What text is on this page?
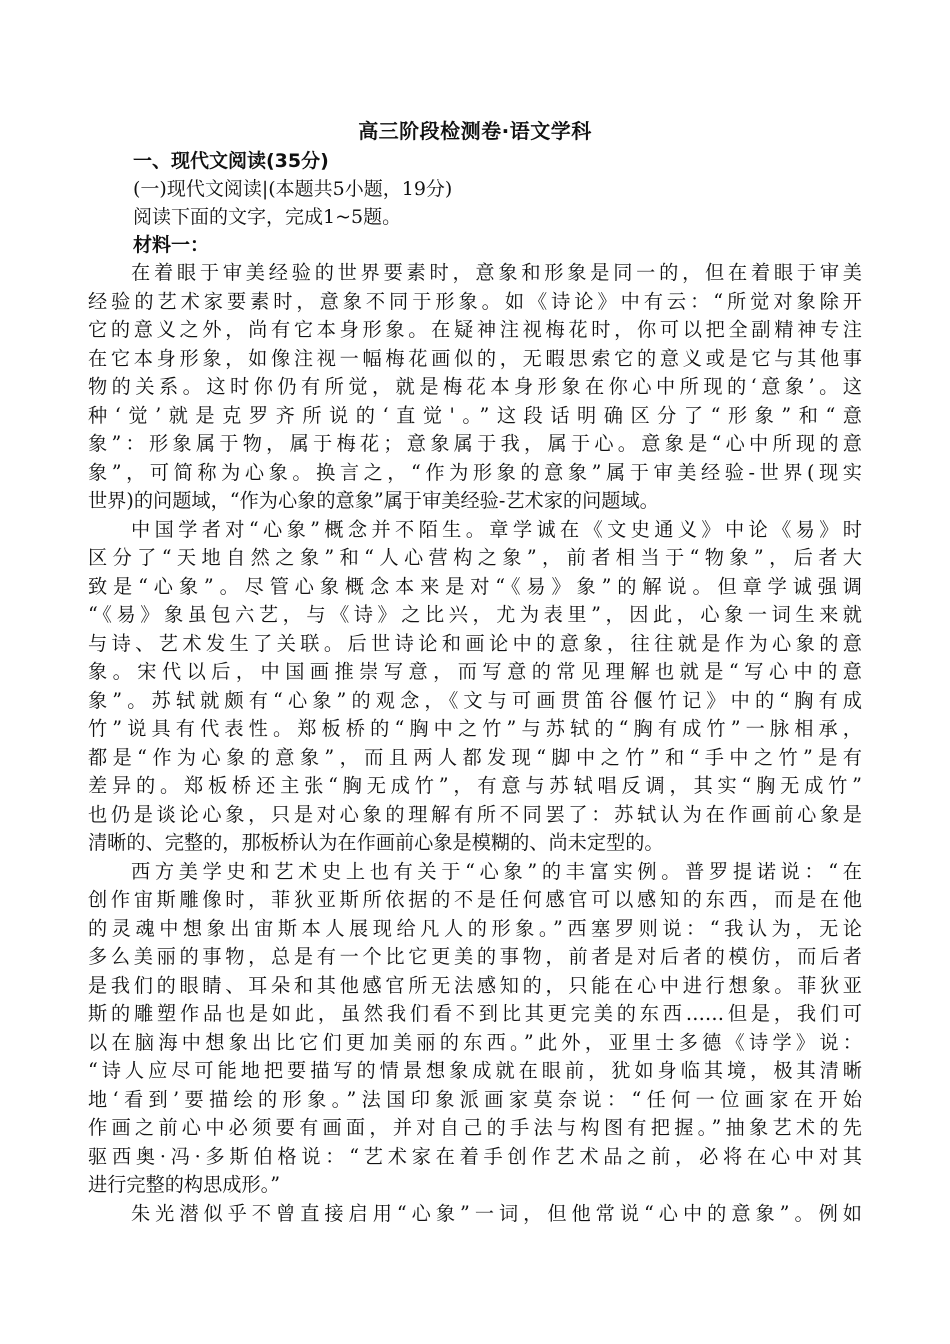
高三阶段检测卷·语文学科
一、现代文阅读(35分)
(一)现代文阅读|(本题共5小题，19分)
阅读下面的文字，完成1~5题。
材料一：
在着眼于审美经验的世界要素时，意象和形象是同一的，但在着眼于审美
经验的艺术家要素时，意象不同于形象。如《诗论》中有云：“所觉对象除开
它的意义之外，尚有它本身形象。在疑神注视梅花时，你可以把全副精神专注
在它本身形象，如像注视一幅梅花画似的，无暇思索它的意义或是它与其他事
物的关系。这时你仍有所觉，就是梅花本身形象在你心中所现的‘意象’。这
种‘觉’就是克罗齐所说的‘直觉'。”这段话明确区分了“形象”和“意
象”：形象属于物，属于梅花；意象属于我，属于心。意象是“心中所现的意
象”，可简称为心象。换言之，“作为形象的意象”属于审美经验-世界(现实
世界)的问题域，“作为心象的意象”属于审美经验-艺术家的问题域。
中国学者对“心象”概念并不陌生。章学诚在《文史通义》中论《易》时
区分了“天地自然之象”和“人心营构之象”，前者相当于“物象”，后者大
致是“心象”。尽管心象概念本来是对“《易》象”的解说。但章学诚强调
“《易》象虽包六艺，与《诗》之比兴，尤为表里”，因此，心象一词生来就
与诗、艺术发生了关联。后世诗论和画论中的意象，往往就是作为心象的意
象。宋代以后，中国画推崇写意，而写意的常见理解也就是“写心中的意
象”。苏轼就颇有“心象”的观念，《文与可画贯笛谷偃竹记》中的“胸有成
竹”说具有代表性。郑板桥的“胸中之竹”与苏轼的“胸有成竹”一脉相承，
都是“作为心象的意象”，而且两人都发现“脚中之竹”和“手中之竹”是有
差异的。郑板桥还主张“胸无成竹”，有意与苏轼唱反调，其实“胸无成竹”
也仍是谈论心象，只是对心象的理解有所不同罢了：苏轼认为在作画前心象是
清晰的、完整的，那板桥认为在作画前心象是模糊的、尚未定型的。
西方美学史和艺术史上也有关于“心象”的丰富实例。普罗提诺说：“在
创作宙斯雕像时，菲狄亚斯所依据的不是任何感官可以感知的东西，而是在他
的灵魂中想象出宙斯本人展现给凡人的形象。”西塞罗则说：“我认为，无论
多么美丽的事物，总是有一个比它更美的事物，前者是对后者的模仿，而后者
是我们的眼睛、耳朵和其他感官所无法感知的，只能在心中进行想象。菲狄亚
斯的雕塑作品也是如此，虽然我们看不到比其更完美的东西……但是，我们可
以在脑海中想象出比它们更加美丽的东西。”此外，亚里士多德《诗学》说：
“诗人应尽可能地把要描写的情景想象成就在眼前，犹如身临其境，极其清晰
地‘看到’要描绘的形象。”法国印象派画家莫奈说：“任何一位画家在开始
作画之前心中必须要有画面，并对自己的手法与构图有把握。”抽象艺术的先
驱西奥·冯·多斯伯格说：“艺术家在着手创作艺术品之前，必将在心中对其
进行完整的构思成形。”
朱光潜似乎不曾直接启用“心象”一词，但他常说“心中的意象”。例如
